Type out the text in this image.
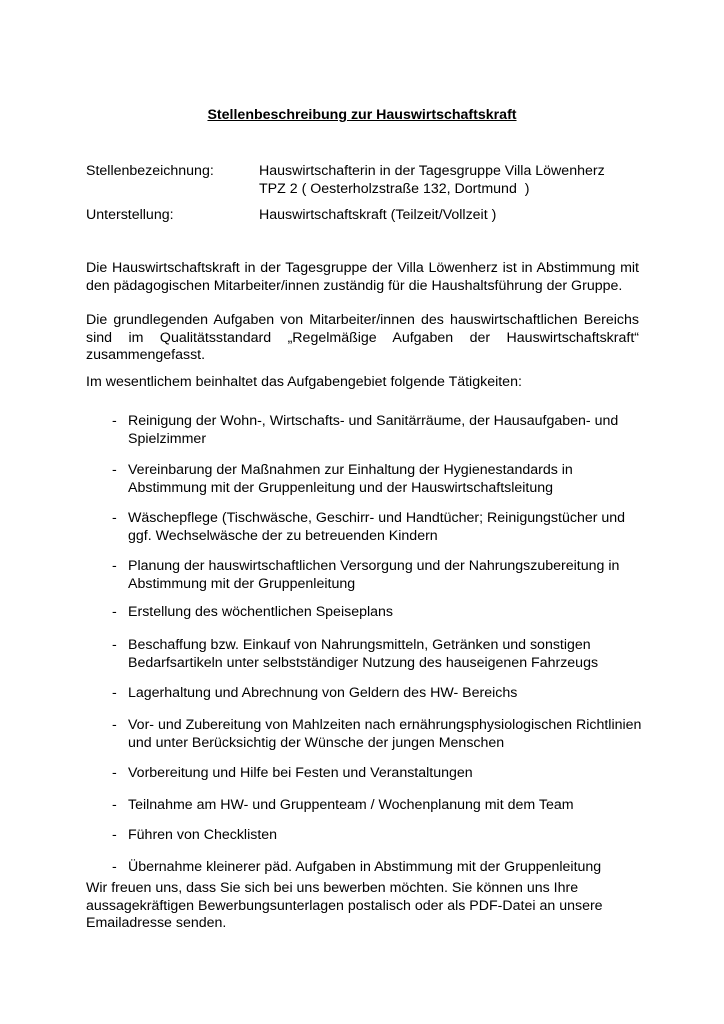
Stellenbeschreibung zur Hauswirtschaftskraft
Stellenbezeichnung:	Hauswirtschafterin in der Tagesgruppe Villa Löwenherz
TPZ 2 ( Oesterholzstraße 132, Dortmund  )
Unterstellung:	Hauswirtschaftskraft (Teilzeit/Vollzeit )
Die Hauswirtschaftskraft in der Tagesgruppe der Villa Löwenherz ist in Abstimmung mit den pädagogischen Mitarbeiter/innen zuständig für die Haushaltsführung der Gruppe.
Die grundlegenden Aufgaben von Mitarbeiter/innen des hauswirtschaftlichen Bereichs sind im Qualitätsstandard „Regelmäßige Aufgaben der Hauswirtschaftskraft“ zusammengefasst.
Im wesentlichem beinhaltet das Aufgabengebiet folgende Tätigkeiten:
- Reinigung der Wohn-, Wirtschafts- und Sanitärräume, der Hausaufgaben- und Spielzimmer
- Vereinbarung der Maßnahmen zur Einhaltung der Hygienestandards in Abstimmung mit der Gruppenleitung und der Hauswirtschaftsleitung
- Wäschepflege (Tischwäsche, Geschirr- und Handtücher; Reinigungstücher und ggf. Wechselwäsche der zu betreuenden Kindern
- Planung der hauswirtschaftlichen Versorgung und der Nahrungszubereitung in Abstimmung mit der Gruppenleitung
- Erstellung des wöchentlichen Speiseplans
- Beschaffung bzw. Einkauf von Nahrungsmitteln, Getränken und sonstigen Bedarfsartikeln unter selbstständiger Nutzung des hauseigenen Fahrzeugs
- Lagerhaltung und Abrechnung von Geldern des HW- Bereichs
- Vor- und Zubereitung von Mahlzeiten nach ernährungsphysiologischen Richtlinien und unter Berücksichtig der Wünsche der jungen Menschen
- Vorbereitung und Hilfe bei Festen und Veranstaltungen
- Teilnahme am HW- und Gruppenteam / Wochenplanung mit dem Team
- Führen von Checklisten
- Übernahme kleinerer päd. Aufgaben in Abstimmung mit der Gruppenleitung
Wir freuen uns, dass Sie sich bei uns bewerben möchten. Sie können uns Ihre aussagekräftigen Bewerbungsunterlagen postalisch oder als PDF-Datei an unsere Emailadresse senden.
